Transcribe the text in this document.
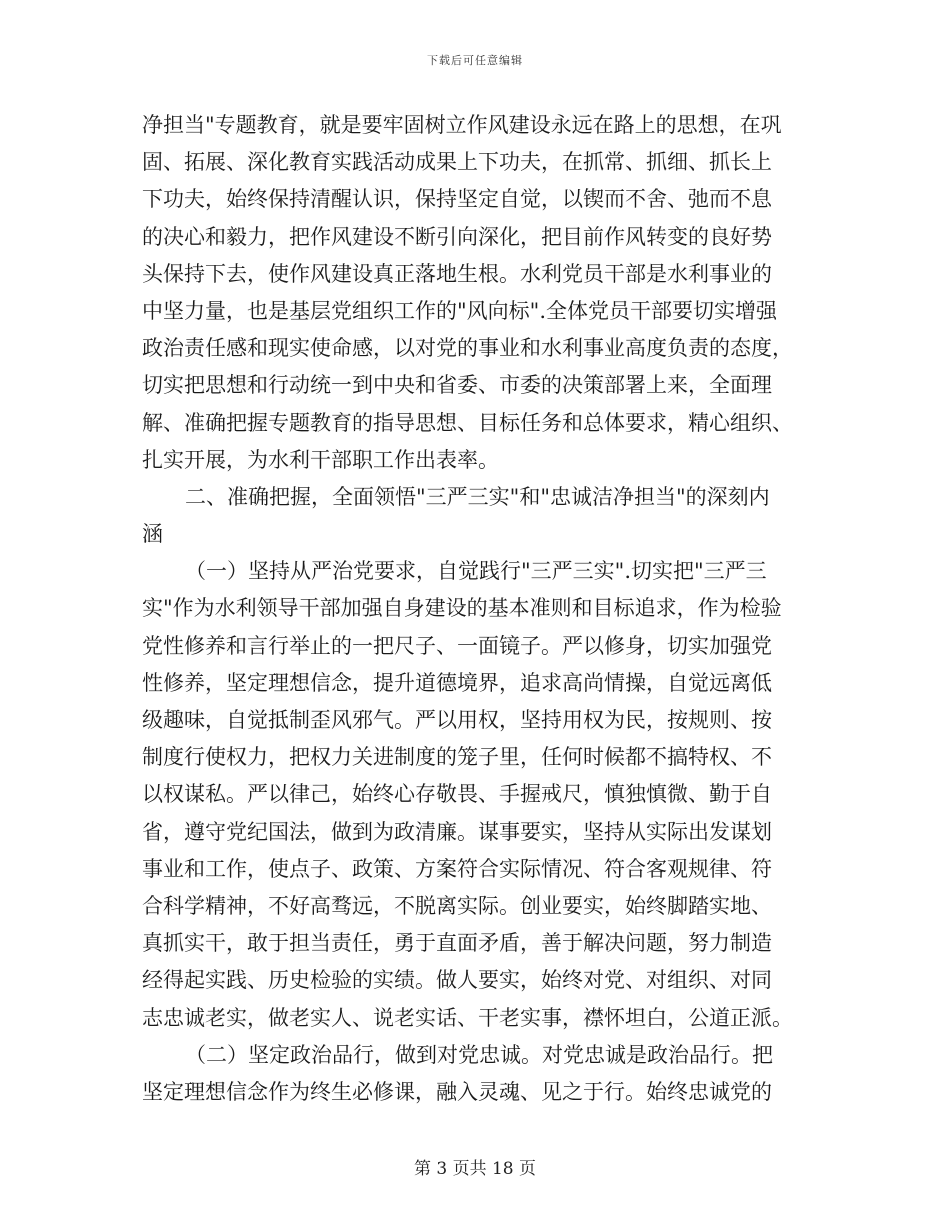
下载后可任意编辑
净担当"专题教育，就是要牢固树立作风建设永远在路上的思想，在巩
固、拓展、深化教育实践活动成果上下功夫，在抓常、抓细、抓长上
下功夫，始终保持清醒认识，保持坚定自觉，以锲而不舍、弛而不息
的决心和毅力，把作风建设不断引向深化，把目前作风转变的良好势
头保持下去，使作风建设真正落地生根。水利党员干部是水利事业的
中坚力量，也是基层党组织工作的"风向标".全体党员干部要切实增强
政治责任感和现实使命感，以对党的事业和水利事业高度负责的态度，
切实把思想和行动统一到中央和省委、市委的决策部署上来，全面理
解、准确把握专题教育的指导思想、目标任务和总体要求，精心组织、
扎实开展，为水利干部职工作出表率。
二、准确把握，全面领悟"三严三实"和"忠诚洁净担当"的深刻内
涵
（一）坚持从严治党要求，自觉践行"三严三实".切实把"三严三
实"作为水利领导干部加强自身建设的基本准则和目标追求，作为检验
党性修养和言行举止的一把尺子、一面镜子。严以修身，切实加强党
性修养，坚定理想信念，提升道德境界，追求高尚情操，自觉远离低
级趣味，自觉抵制歪风邪气。严以用权，坚持用权为民，按规则、按
制度行使权力，把权力关进制度的笼子里，任何时候都不搞特权、不
以权谋私。严以律己，始终心存敬畏、手握戒尺，慎独慎微、勤于自
省，遵守党纪国法，做到为政清廉。谋事要实，坚持从实际出发谋划
事业和工作，使点子、政策、方案符合实际情况、符合客观规律、符
合科学精神，不好高骛远，不脱离实际。创业要实，始终脚踏实地、
真抓实干，敢于担当责任，勇于直面矛盾，善于解决问题，努力制造
经得起实践、历史检验的实绩。做人要实，始终对党、对组织、对同
志忠诚老实，做老实人、说老实话、干老实事，襟怀坦白，公道正派。
（二）坚定政治品行，做到对党忠诚。对党忠诚是政治品行。把
坚定理想信念作为终生必修课，融入灵魂、见之于行。始终忠诚党的
第 3 页共 18 页
